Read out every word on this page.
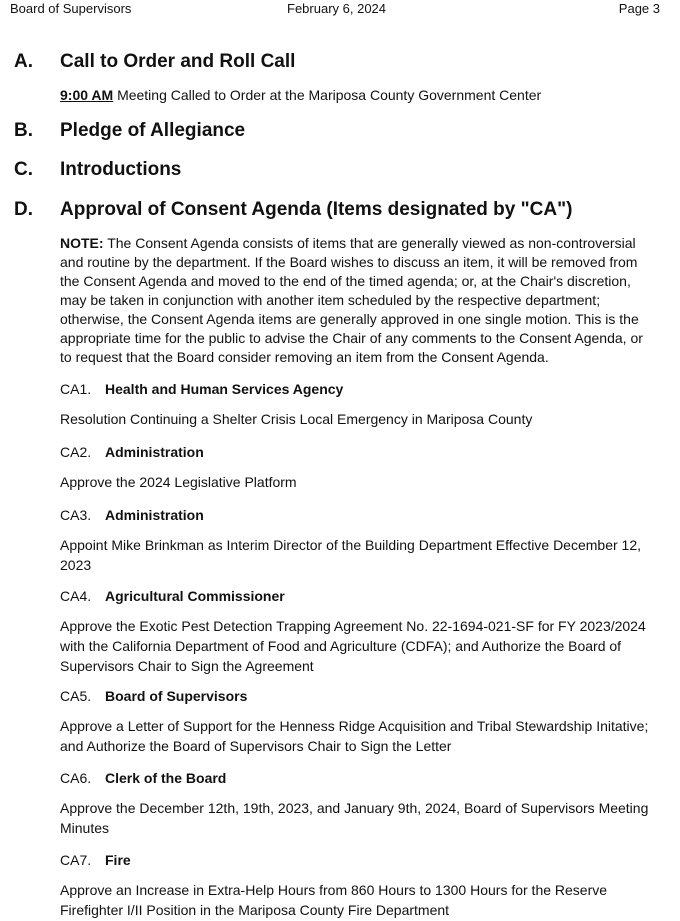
Board of Supervisors	February 6, 2024	Page 3
A. Call to Order and Roll Call
9:00 AM Meeting Called to Order at the Mariposa County Government Center
B. Pledge of Allegiance
C. Introductions
D. Approval of Consent Agenda (Items designated by "CA")
NOTE: The Consent Agenda consists of items that are generally viewed as non-controversial
and routine by the department. If the Board wishes to discuss an item, it will be removed from
the Consent Agenda and moved to the end of the timed agenda; or, at the Chair's discretion,
may be taken in conjunction with another item scheduled by the respective department;
otherwise, the Consent Agenda items are generally approved in one single motion. This is the
appropriate time for the public to advise the Chair of any comments to the Consent Agenda, or
to request that the Board consider removing an item from the Consent Agenda.
CA1. Health and Human Services Agency
Resolution Continuing a Shelter Crisis Local Emergency in Mariposa County
CA2. Administration
Approve the 2024 Legislative Platform
CA3. Administration
Appoint Mike Brinkman as Interim Director of the Building Department Effective December 12,
2023
CA4. Agricultural Commissioner
Approve the Exotic Pest Detection Trapping Agreement No. 22-1694-021-SF for FY 2023/2024
with the California Department of Food and Agriculture (CDFA); and Authorize the Board of
Supervisors Chair to Sign the Agreement
CA5. Board of Supervisors
Approve a Letter of Support for the Henness Ridge Acquisition and Tribal Stewardship Initative;
and Authorize the Board of Supervisors Chair to Sign the Letter
CA6. Clerk of the Board
Approve the December 12th, 19th, 2023, and January 9th, 2024, Board of Supervisors Meeting
Minutes
CA7. Fire
Approve an Increase in Extra-Help Hours from 860 Hours to 1300 Hours for the Reserve
Firefighter I/II Position in the Mariposa County Fire Department
